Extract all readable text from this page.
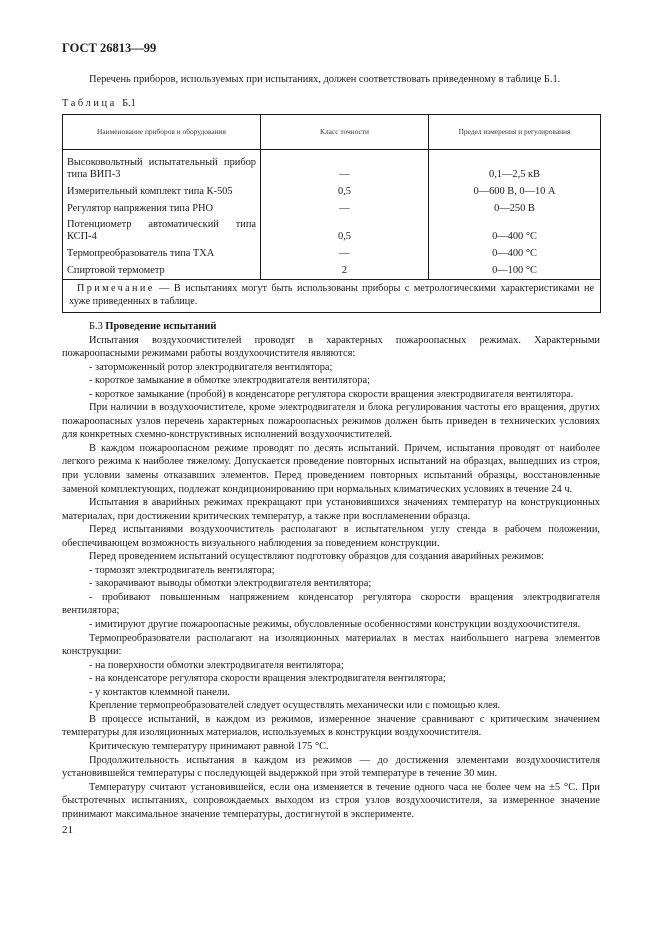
ГОСТ 26813—99
Перечень приборов, используемых при испытаниях, должен соответствовать приведенному в таблице Б.1.
Таблица Б.1
Наименование приборов и оборудования	Класс точности	Предел измерения и регулирования
Высоковольтный испытательный прибор типа ВИП-3	—	0,1—2,5 кВ
Измерительный комплект типа К-505	0,5	0—600 В, 0—10 А
Регулятор напряжения типа РНО	—	0—250 В
Потенциометр автоматический типа КСП-4	0,5	0—400 °С
Термопреобразователь типа ТХА	—	0—400 °С
Спиртовой термометр	2	0—100 °С
Примечание — В испытаниях могут быть использованы приборы с метрологическими характеристиками не хуже приведенных в таблице.		

Б.3 Проведение испытаний

Испытания воздухоочистителей проводят в характерных пожароопасных режимах. Характерными пожароопасными режимами работы воздухоочистителя являются:

- заторможенный ротор электродвигателя вентилятора;

- короткое замыкание в обмотке электродвигателя вентилятора;

- короткое замыкание (пробой) в конденсаторе регулятора скорости вращения электродвигателя вентилятора.

При наличии в воздухоочистителе, кроме электродвигателя и блока регулирования частоты его вращения, других пожароопасных узлов перечень характерных пожароопасных режимов должен быть приведен в технических условиях для конкретных схемно-конструктивных исполнений воздухоочистителей.

В каждом пожароопасном режиме проводят по десять испытаний. Причем, испытания проводят от наиболее легкого режима к наиболее тяжелому. Допускается проведение повторных испытаний на образцах, вышедших из строя, при условии замены отказавших элементов. Перед проведением повторных испытаний образцы, восстановленные заменой комплектующих, подлежат кондиционированию при нормальных климатических условиях в течение 24 ч.

Испытания в аварийных режимах прекращают при установившихся значениях температур на конструкционных материалах, при достижении критических температур, а также при воспламенении образца.

Перед испытаниями воздухоочиститель располагают в испытательном углу стенда в рабочем положении, обеспечивающем возможность визуального наблюдения за поведением конструкции.

Перед проведением испытаний осуществляют подготовку образцов для создания аварийных режимов:

- тормозят электродвигатель вентилятора;

- закорачивают выводы обмотки электродвигателя вентилятора;

- пробивают повышенным напряжением конденсатор регулятора скорости вращения электродвигателя вентилятора;

- имитируют другие пожароопасные режимы, обусловленные особенностями конструкции воздухоочистителя.

Термопреобразователи располагают на изоляционных материалах в местах наибольшего нагрева элементов конструкции:

- на поверхности обмотки электродвигателя вентилятора;

- на конденсаторе регулятора скорости вращения электродвигателя вентилятора;

- у контактов клеммной панели.

Крепление термопреобразователей следует осуществлять механически или с помощью клея.

В процессе испытаний, в каждом из режимов, измеренное значение сравнивают с критическим значением температуры для изоляционных материалов, используемых в конструкции воздухоочистителя.

Критическую температуру принимают равной 175 °С.

Продолжительность испытания в каждом из режимов — до достижения элементами воздухоочистителя установившейся температуры с последующей выдержкой при этой температуре в течение 30 мин.

Температуру считают установившейся, если она изменяется в течение одного часа не более чем на ±5 °С. При быстротечных испытаниях, сопровождаемых выходом из строя узлов воздухоочистителя, за измеренное значение принимают максимальное значение температуры, достигнутой в эксперименте.

21
